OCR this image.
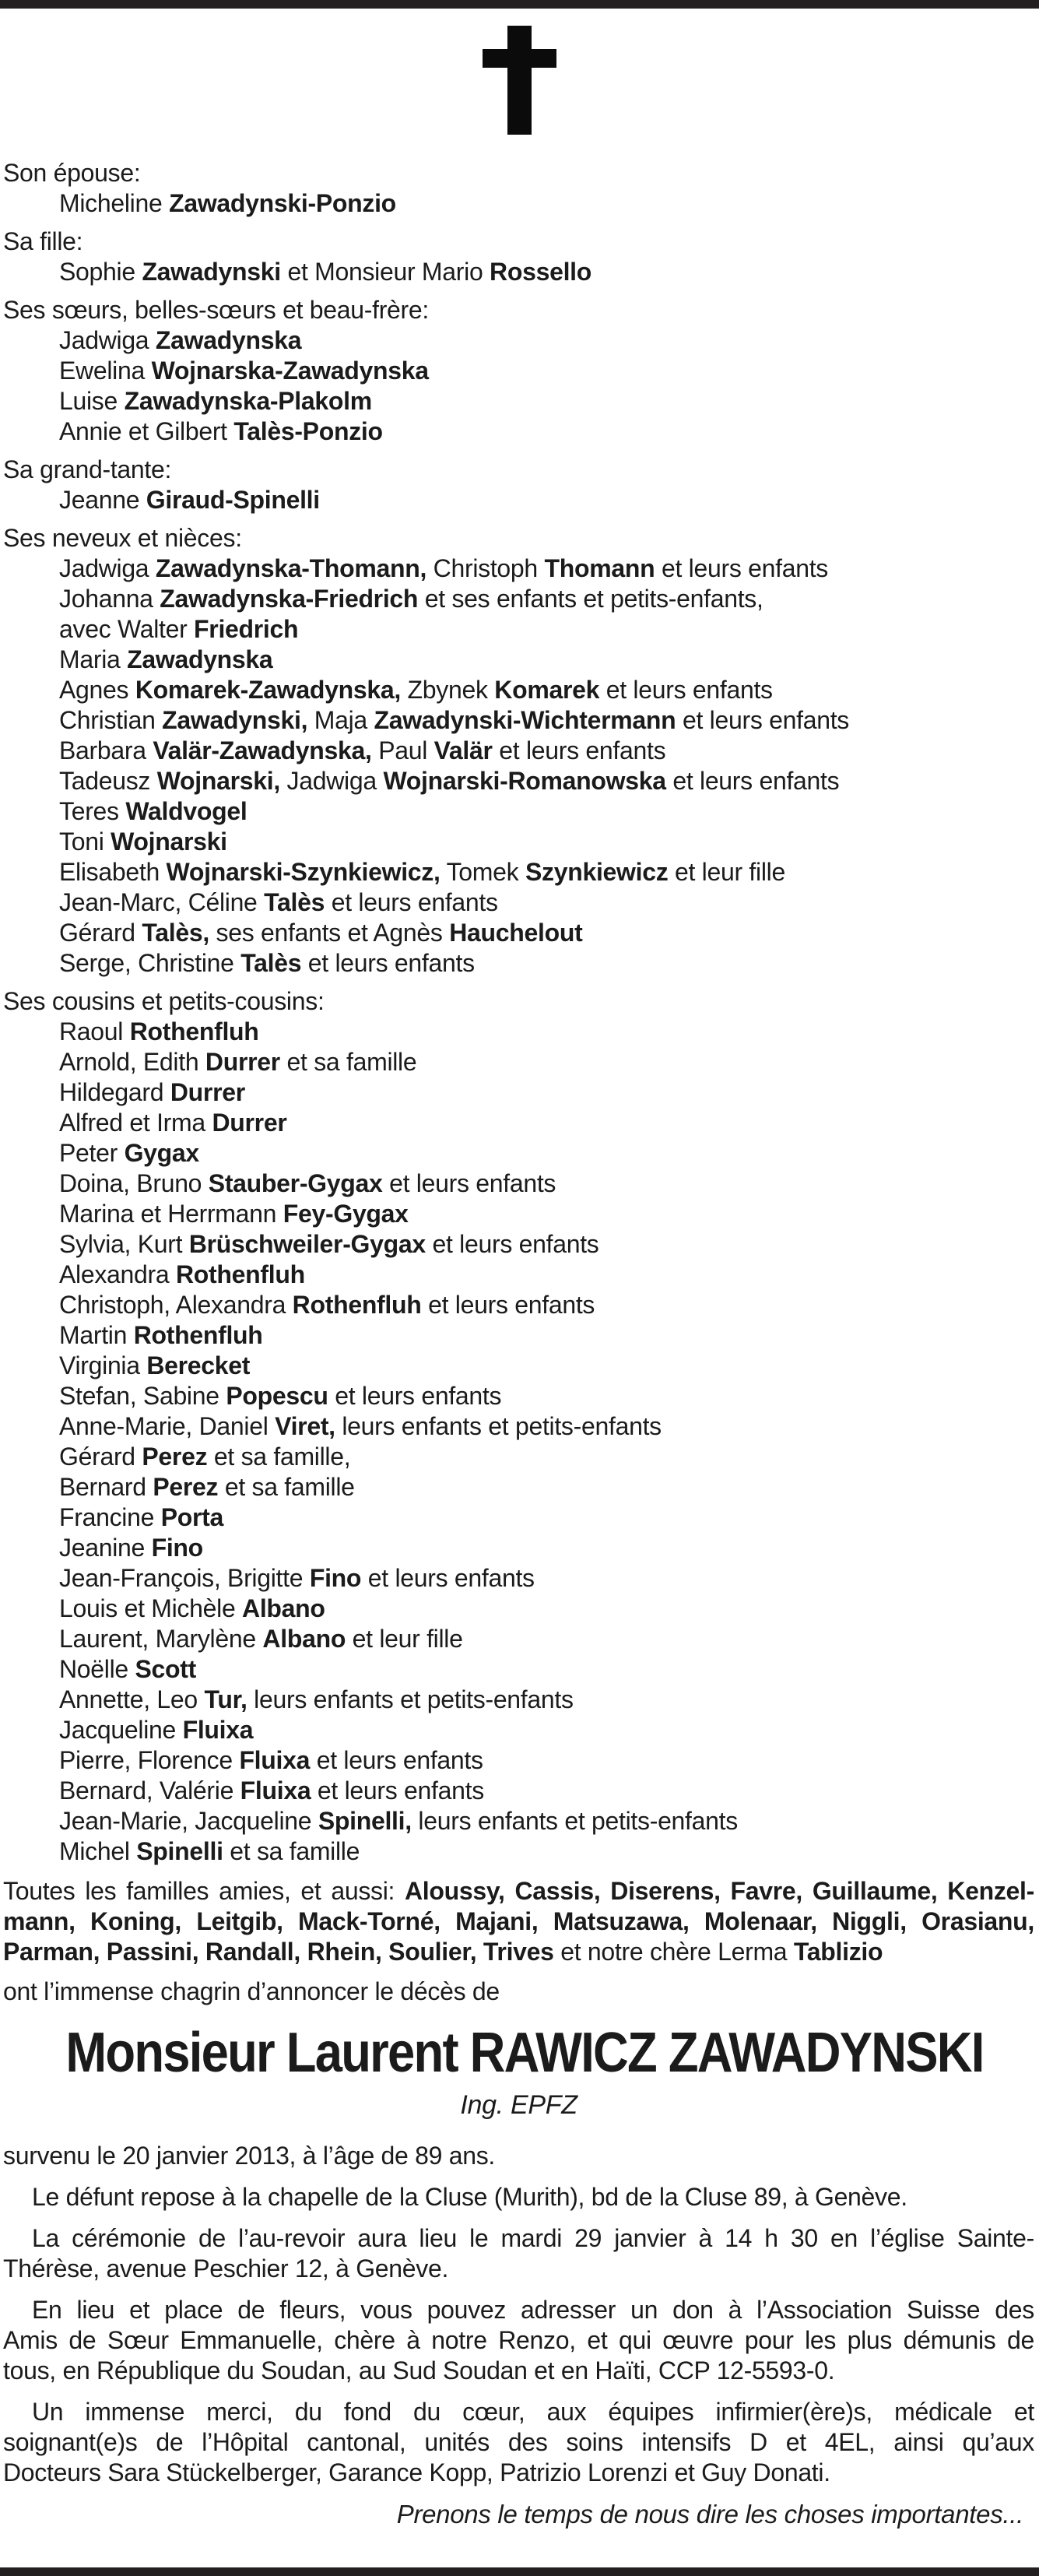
Son épouse:
Micheline Zawadynski-Ponzio
Sa fille:
Sophie Zawadynski et Monsieur Mario Rossello
Ses sœurs, belles-sœurs et beau-frère:
Jadwiga Zawadynska
Ewelina Wojnarska-Zawadynska
Luise Zawadynska-Plakolm
Annie et Gilbert Talès-Ponzio
Sa grand-tante:
Jeanne Giraud-Spinelli
Ses neveux et nièces:
Jadwiga Zawadynska-Thomann, Christoph Thomann et leurs enfants
Johanna Zawadynska-Friedrich et ses enfants et petits-enfants,
avec Walter Friedrich
Maria Zawadynska
Agnes Komarek-Zawadynska, Zbynek Komarek et leurs enfants
Christian Zawadynski, Maja Zawadynski-Wichtermann et leurs enfants
Barbara Valär-Zawadynska, Paul Valär et leurs enfants
Tadeusz Wojnarski, Jadwiga Wojnarski-Romanowska et leurs enfants
Teres Waldvogel
Toni Wojnarski
Elisabeth Wojnarski-Szynkiewicz, Tomek Szynkiewicz et leur fille
Jean-Marc, Céline Talès et leurs enfants
Gérard Talès, ses enfants et Agnès Hauchelout
Serge, Christine Talès et leurs enfants
Ses cousins et petits-cousins:
Raoul Rothenfluh
Arnold, Edith Durrer et sa famille
Hildegard Durrer
Alfred et Irma Durrer
Peter Gygax
Doina, Bruno Stauber-Gygax et leurs enfants
Marina et Herrmann Fey-Gygax
Sylvia, Kurt Brüschweiler-Gygax et leurs enfants
Alexandra Rothenfluh
Christoph, Alexandra Rothenfluh et leurs enfants
Martin Rothenfluh
Virginia Berecket
Stefan, Sabine Popescu et leurs enfants
Anne-Marie, Daniel Viret, leurs enfants et petits-enfants
Gérard Perez et sa famille,
Bernard Perez et sa famille
Francine Porta
Jeanine Fino
Jean-François, Brigitte Fino et leurs enfants
Louis et Michèle Albano
Laurent, Marylène Albano et leur fille
Noëlle Scott
Annette, Leo Tur, leurs enfants et petits-enfants
Jacqueline Fluixa
Pierre, Florence Fluixa et leurs enfants
Bernard, Valérie Fluixa et leurs enfants
Jean-Marie, Jacqueline Spinelli, leurs enfants et petits-enfants
Michel Spinelli et sa famille
Toutes les familles amies, et aussi: Aloussy, Cassis, Diserens, Favre, Guillaume, Kenzel-
mann, Koning, Leitgib, Mack-Torné, Majani, Matsuzawa, Molenaar, Niggli, Orasianu,
Parman, Passini, Randall, Rhein, Soulier, Trives et notre chère Lerma Tablizio
ont l’immense chagrin d’annoncer le décès de
Monsieur Laurent RAWICZ ZAWADYNSKI
Ing. EPFZ
survenu le 20 janvier 2013, à l’âge de 89 ans.
Le défunt repose à la chapelle de la Cluse (Murith), bd de la Cluse 89, à Genève.
La cérémonie de l’au-revoir aura lieu le mardi 29 janvier à 14 h 30 en l’église Sainte-
Thérèse, avenue Peschier 12, à Genève.
En lieu et place de fleurs, vous pouvez adresser un don à l’Association Suisse des
Amis de Sœur Emmanuelle, chère à notre Renzo, et qui œuvre pour les plus démunis de
tous, en République du Soudan, au Sud Soudan et en Haïti, CCP 12-5593-0.
Un immense merci, du fond du cœur, aux équipes infirmier(ère)s, médicale et
soignant(e)s de l’Hôpital cantonal, unités des soins intensifs D et 4EL, ainsi qu’aux
Docteurs Sara Stückelberger, Garance Kopp, Patrizio Lorenzi et Guy Donati.
Prenons le temps de nous dire les choses importantes...
